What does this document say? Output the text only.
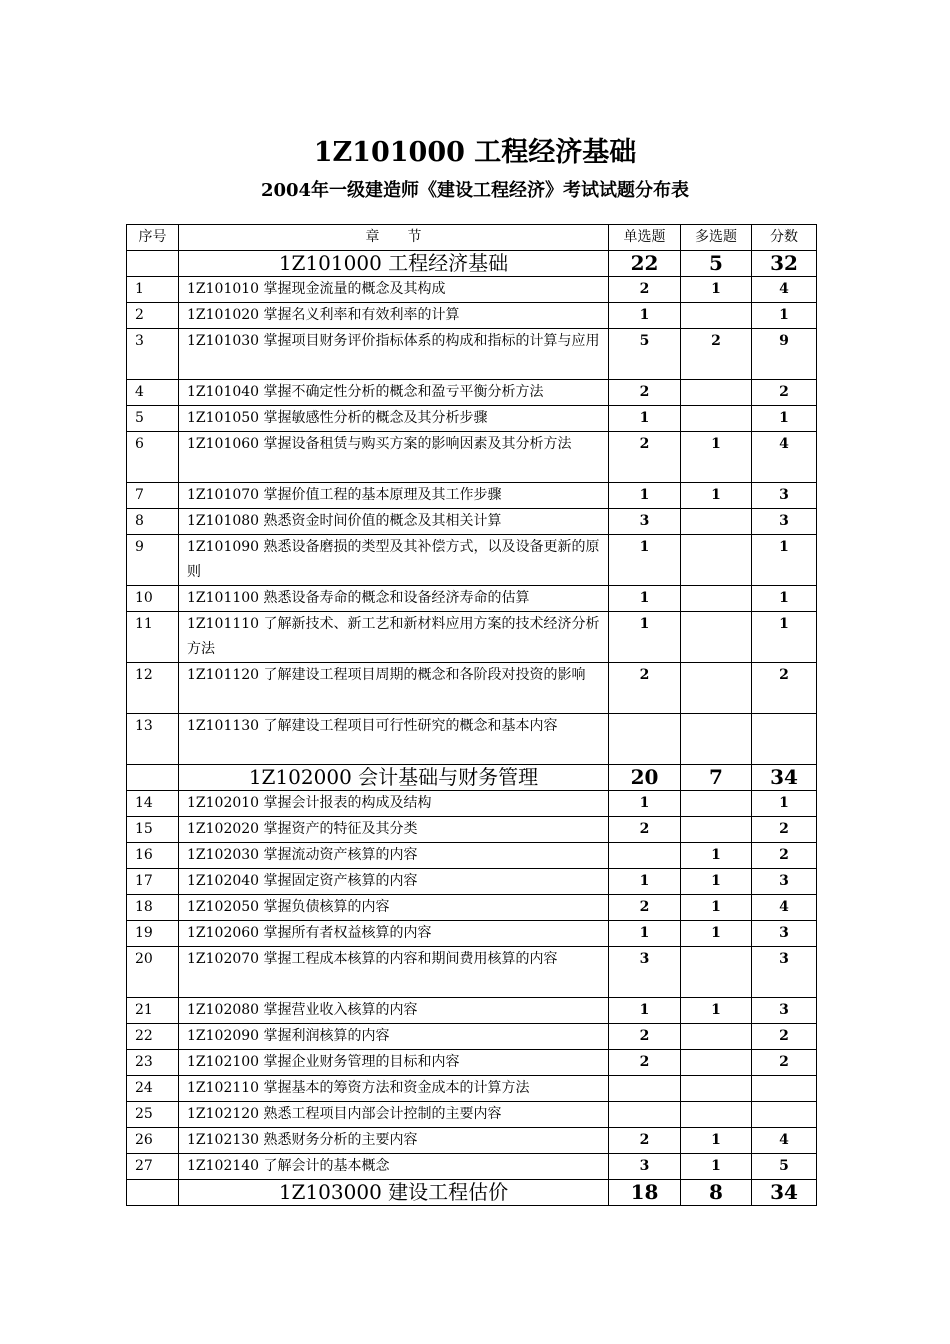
1Z101000 工程经济基础
2004年一级建造师《建设工程经济》考试试题分布表
序号	章　　节	单选题	多选题	分数
	1Z101000 工程经济基础	22	5	32
1	1Z101010 掌握现金流量的概念及其构成	2	1	4
2	1Z101020 掌握名义利率和有效利率的计算	1		1
3	1Z101030 掌握项目财务评价指标体系的构成和指标的计算与应用	5	2	9
4	1Z101040 掌握不确定性分析的概念和盈亏平衡分析方法	2		2
5	1Z101050 掌握敏感性分析的概念及其分析步骤	1		1
6	1Z101060 掌握设备租赁与购买方案的影响因素及其分析方法	2	1	4
7	1Z101070 掌握价值工程的基本原理及其工作步骤	1	1	3
8	1Z101080 熟悉资金时间价值的概念及其相关计算	3		3
9	1Z101090 熟悉设备磨损的类型及其补偿方式，以及设备更新的原则	1		1
10	1Z101100 熟悉设备寿命的概念和设备经济寿命的估算	1		1
11	1Z101110 了解新技术、新工艺和新材料应用方案的技术经济分析方法	1		1
12	1Z101120 了解建设工程项目周期的概念和各阶段对投资的影响	2		2
13	1Z101130 了解建设工程项目可行性研究的概念和基本内容			
	1Z102000 会计基础与财务管理	20	7	34
14	1Z102010 掌握会计报表的构成及结构	1		1
15	1Z102020 掌握资产的特征及其分类	2		2
16	1Z102030 掌握流动资产核算的内容		1	2
17	1Z102040 掌握固定资产核算的内容	1	1	3
18	1Z102050 掌握负债核算的内容	2	1	4
19	1Z102060 掌握所有者权益核算的内容	1	1	3
20	1Z102070 掌握工程成本核算的内容和期间费用核算的内容	3		3
21	1Z102080 掌握营业收入核算的内容	1	1	3
22	1Z102090 掌握利润核算的内容	2		2
23	1Z102100 掌握企业财务管理的目标和内容	2		2
24	1Z102110 掌握基本的筹资方法和资金成本的计算方法			
25	1Z102120 熟悉工程项目内部会计控制的主要内容			
26	1Z102130 熟悉财务分析的主要内容	2	1	4
27	1Z102140 了解会计的基本概念	3	1	5
	1Z103000 建设工程估价	18	8	34
